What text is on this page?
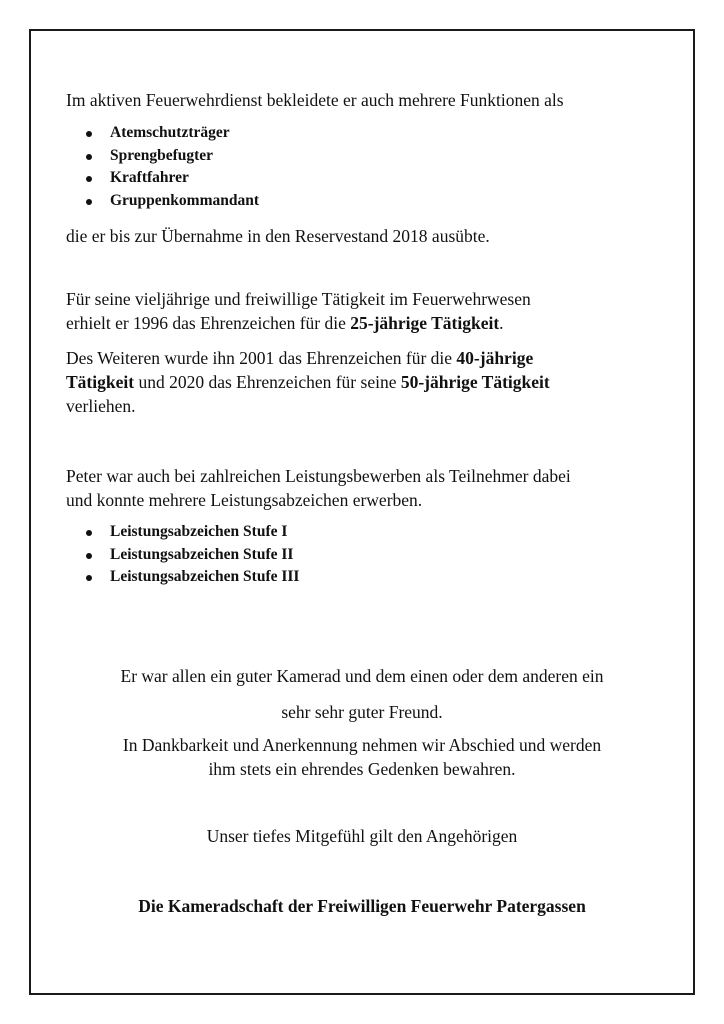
Im aktiven Feuerwehrdienst bekleidete er auch mehrere Funktionen als

Atemschutzträger
Sprengbefugter
Kraftfahrer
Gruppenkommandant

die er bis zur Übernahme in den Reservestand 2018 ausübte.

Für seine vieljährige und freiwillige Tätigkeit im Feuerwehrwesen

erhielt er 1996 das Ehrenzeichen für die 25-jährige Tätigkeit.

Des Weiteren wurde ihn 2001 das Ehrenzeichen für die 40-jährige

Tätigkeit und 2020 das Ehrenzeichen für seine 50-jährige Tätigkeit

verliehen.

Peter war auch bei zahlreichen Leistungsbewerben als Teilnehmer dabei

und konnte mehrere Leistungsabzeichen erwerben.

Leistungsabzeichen Stufe I
Leistungsabzeichen Stufe II
Leistungsabzeichen Stufe III

Er war allen ein guter Kamerad und dem einen oder dem anderen ein

sehr sehr guter Freund.

In Dankbarkeit und Anerkennung nehmen wir Abschied und werden

ihm stets ein ehrendes Gedenken bewahren.

Unser tiefes Mitgefühl gilt den Angehörigen

Die Kameradschaft der Freiwilligen Feuerwehr Patergassen
